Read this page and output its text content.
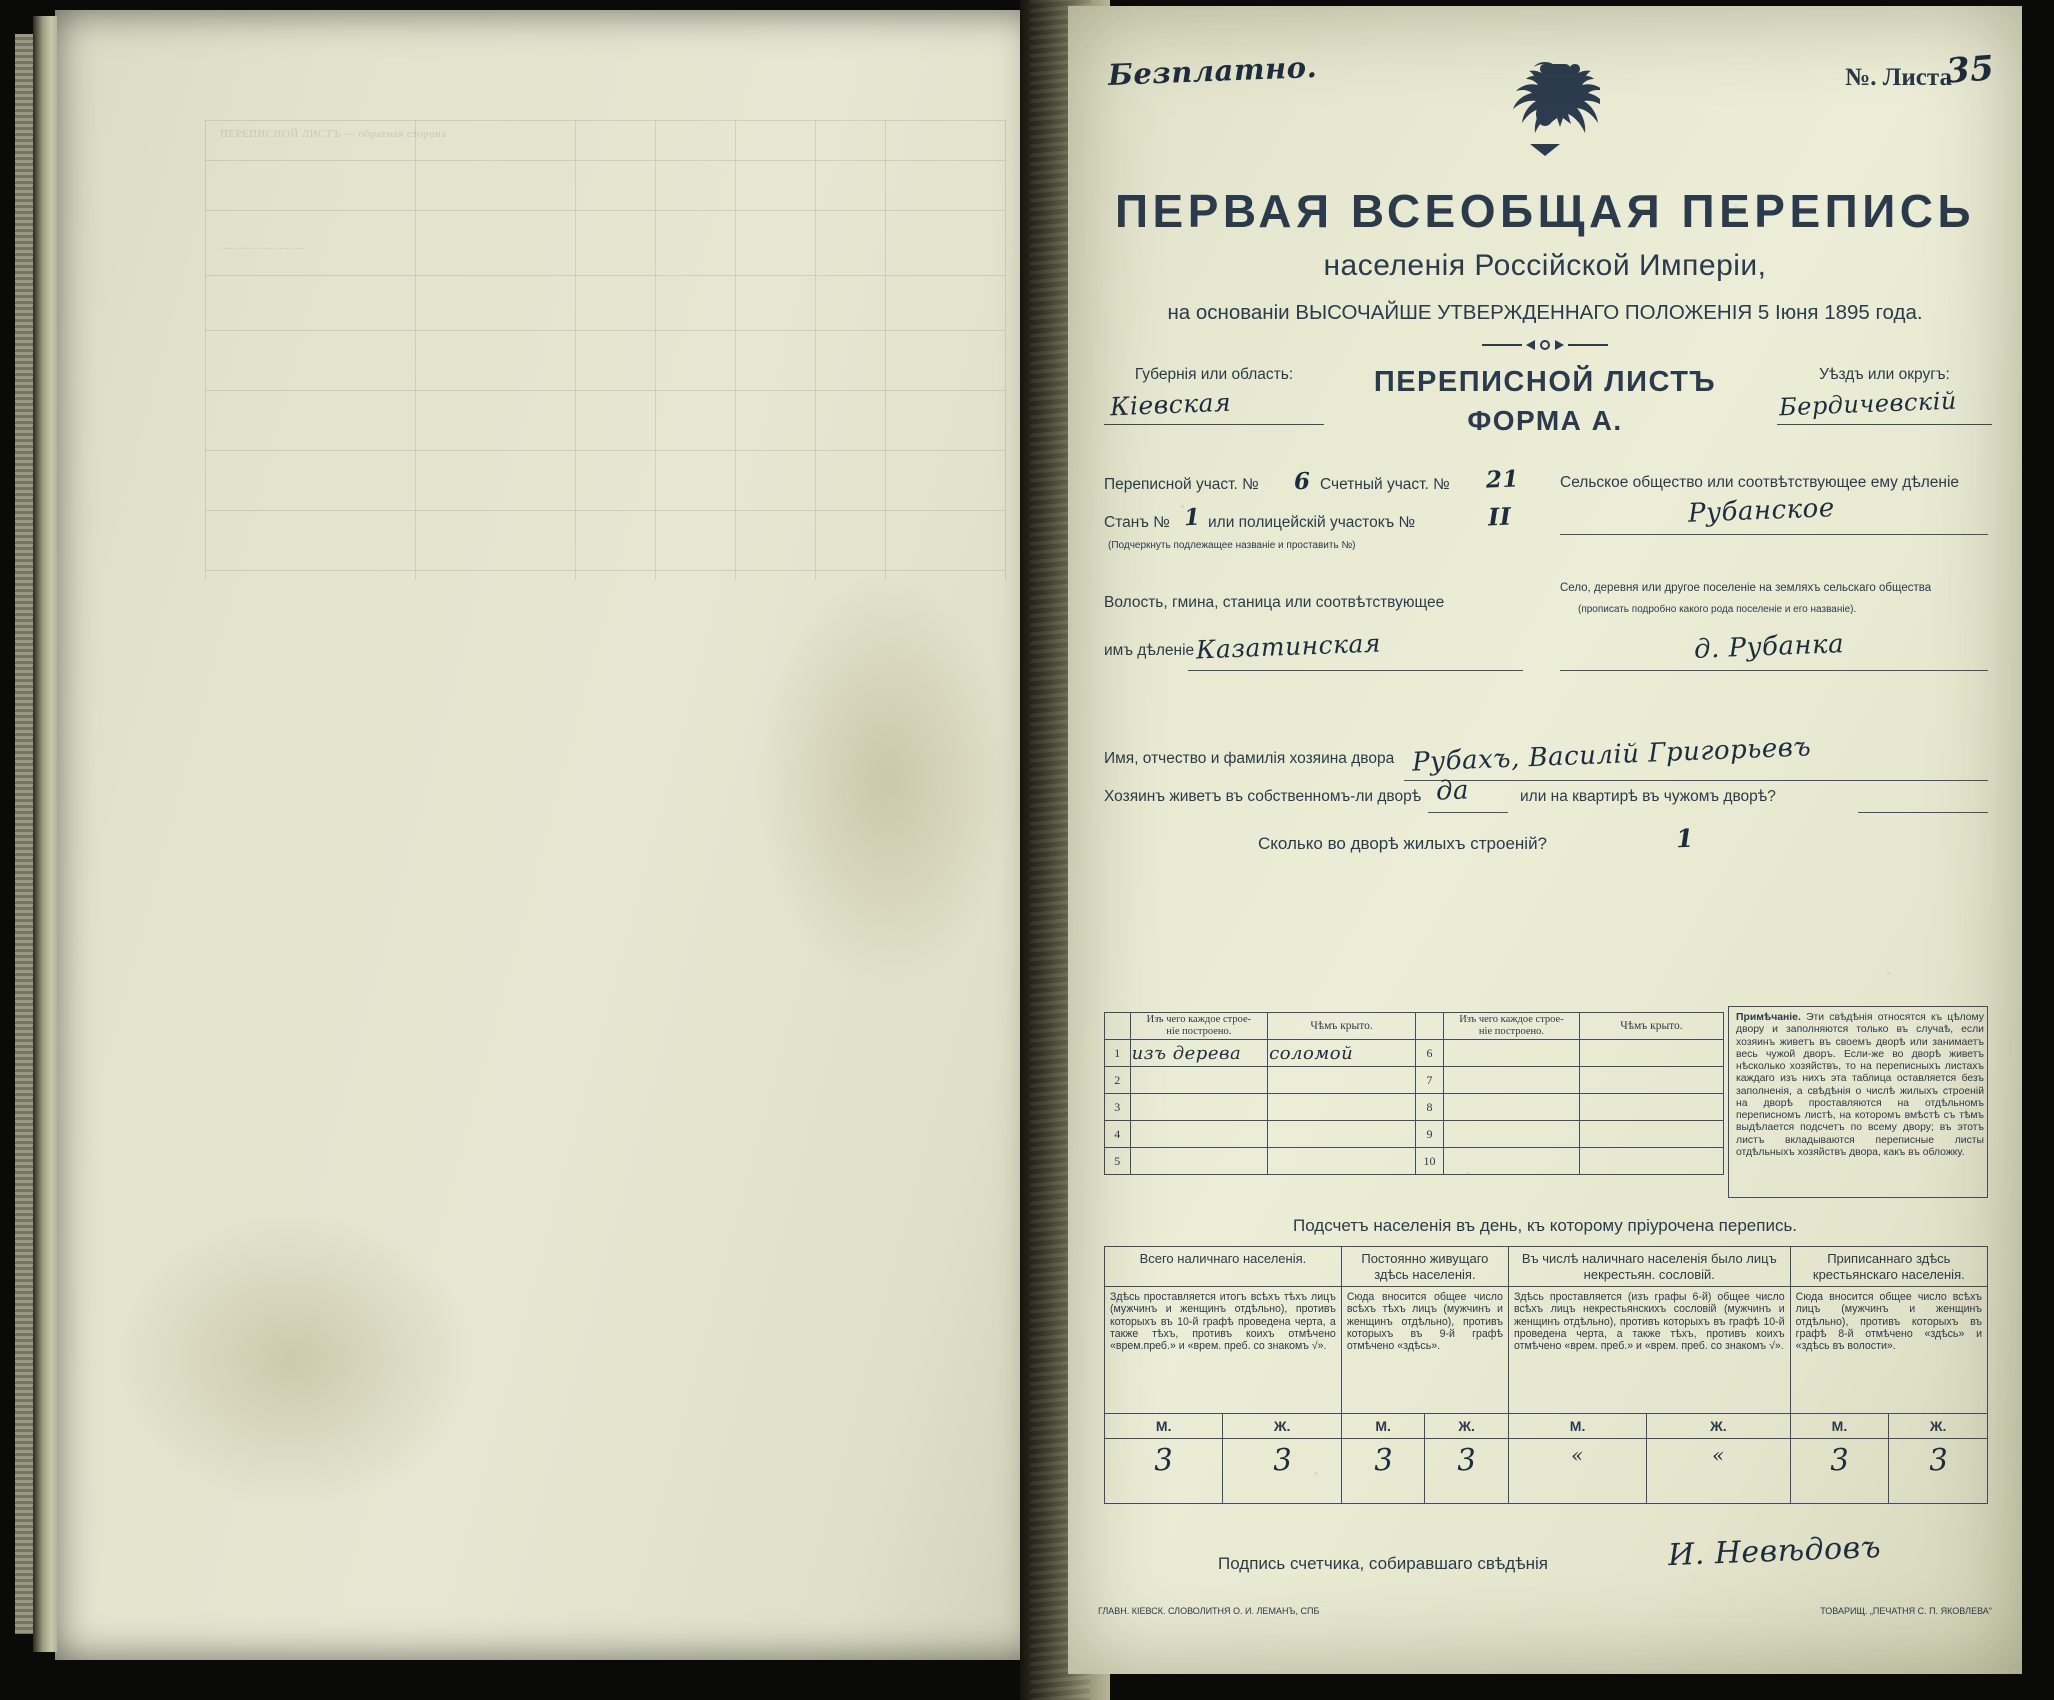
ПЕРЕПИСНОЙ ЛИСТЪ — обратная сторона
...........................
Безплатно.	№. Листа
35
ПЕРВАЯ ВСЕОБЩАЯ ПЕРЕПИСЬ
населенія Россійской Имперіи,
на основаніи ВЫСОЧАЙШЕ УТВЕРЖДЕННАГО ПОЛОЖЕНІЯ 5 Іюня 1895 года.
Губернія или область:
Кіевская
ПЕРЕПИСНОЙ ЛИСТЪ
ФОРМА А.
Уѣздъ или округъ:
Бердичевскій
Переписной участ. № 6 Счетный участ. № 21
Станъ № 1 или полицейскій участокъ №	II
(Подчеркнуть подлежащее названіе и проставить №)
Волость, гмина, станица или соотвѣтствующее
имъ дѣленіе Казатинская
Сельское общество или соотвѣтствующее ему дѣленіе
Рубанское
Село, деревня или другое поселеніе на земляхъ сельскаго общества
(прописать подробно какого рода поселеніе и его названіе).
д. Рубанка
Имя, отчество и фамилія хозяина двора Рубахъ, Василій Григорьевъ
Хозяинъ живетъ въ собственномъ-ли дворѣ да	или на квартирѣ въ чужомъ дворѣ?
Сколько во дворѣ жилыхъ строеній?	1
	Изъ чего каждое строе-
ніе построено.	Чѣмъ крыто.		Изъ чего каждое строе-
ніе построено.	Чѣмъ крыто.
1	изъ дерева	соломой	6		
2			7		
3			8		
4			9		
5			10		
Примѣчаніе. Эти свѣдѣнія относятся къ цѣлому двору и заполняются только въ случаѣ, если хозяинъ живетъ въ своемъ дворѣ или занимаетъ весь чужой дворъ. Если-же во дворѣ живетъ нѣсколько хозяйствъ, то на переписныхъ листахъ каждаго изъ нихъ эта таблица оставляется безъ заполненія, а свѣдѣнія о числѣ жилыхъ строеній на дворѣ проставляются на отдѣльномъ переписномъ листѣ, на которомъ вмѣстѣ съ тѣмъ выдѣлается подсчетъ по всему двору; въ этотъ листъ вкладываются переписные листы отдѣльныхъ хозяйствъ двора, какъ въ обложку.
Подсчетъ населенія въ день, къ которому пріурочена перепись.
Всего наличнаго населенія.		Постоянно живущаго здѣсь населенія.		Въ числѣ наличнаго населенія было лицъ некрестьян. сословій.		Приписаннаго здѣсь крестьянскаго населенія.	
Здѣсь проставляется итогъ всѣхъ тѣхъ лицъ (мужчинъ и женщинъ отдѣльно), противъ которыхъ въ 10-й графѣ проведена черта, а также тѣхъ, противъ коихъ отмѣчено «врем.преб.» и «врем. преб. со знакомъ √».		Сюда вносится общее число всѣхъ тѣхъ лицъ (мужчинъ и женщинъ отдѣльно), противъ которыхъ въ 9-й графѣ отмѣчено «здѣсь».		Здѣсь проставляется (изъ графы 6-й) общее число всѣхъ лицъ некрестьянскихъ сословій (мужчинъ и женщинъ отдѣльно), противъ которыхъ въ графѣ 10-й проведена черта, а также тѣхъ, противъ коихъ отмѣчено «врем. преб.» и «врем. преб. со знакомъ √».		Сюда вносится общее число всѣхъ лицъ (мужчинъ и женщинъ отдѣльно), противъ которыхъ въ графѣ 8-й отмѣчено «здѣсь» и «здѣсь въ волости».	
М.	Ж.	М.	Ж.	М.	Ж.	М.	Ж.
3	3	3	3	«	«	3	3
Подпись счетчика, собиравшаго свѣдѣнія	И. Невѣдовъ
ГЛАВН. КІЕВСК. СЛОВОЛИТНЯ О. И. ЛЕМАНЪ, СПБ	ТОВАРИЩ. „ПЕЧАТНЯ С. П. ЯКОВЛЕВА"
